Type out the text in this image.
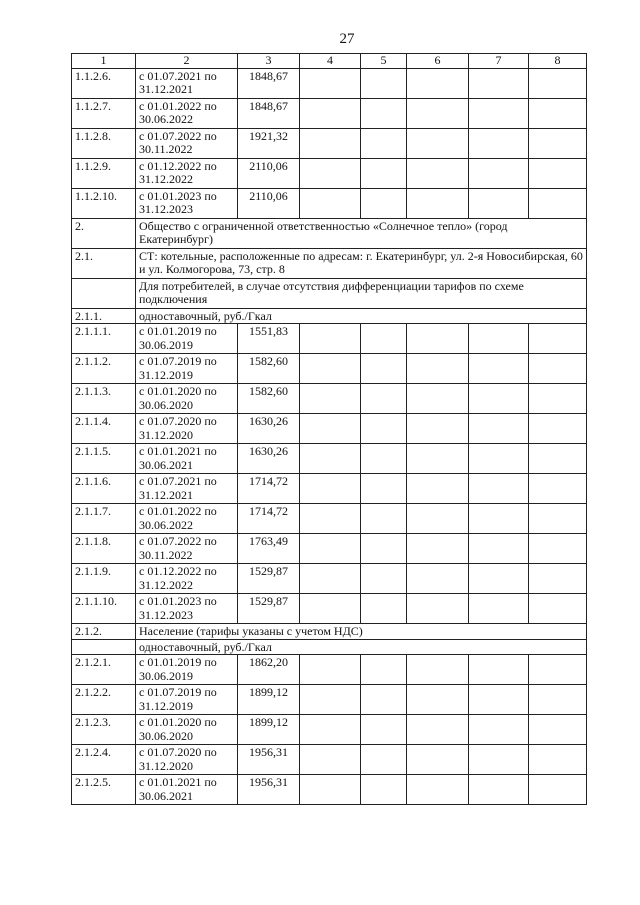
27
1	2	3	4	5	6	7	8
1.1.2.6.	с 01.07.2021 по 31.12.2021	1848,67					
1.1.2.7.	с 01.01.2022 по 30.06.2022	1848,67					
1.1.2.8.	с 01.07.2022 по 30.11.2022	1921,32					
1.1.2.9.	с 01.12.2022 по 31.12.2022	2110,06					
1.1.2.10.	с 01.01.2023 по 31.12.2023	2110,06					
2.	Общество с ограниченной ответственностью «Солнечное тепло» (город Екатеринбург)						
2.1.	СТ: котельные, расположенные по адресам: г. Екатеринбург, ул. 2-я Новосибирская, 60 и ул. Колмогорова, 73, стр. 8						
	Для потребителей, в случае отсутствия дифференциации тарифов по схеме подключения						
2.1.1.	одноставочный, руб./Гкал						
2.1.1.1.	с 01.01.2019 по 30.06.2019	1551,83					
2.1.1.2.	с 01.07.2019 по 31.12.2019	1582,60					
2.1.1.3.	с 01.01.2020 по 30.06.2020	1582,60					
2.1.1.4.	с 01.07.2020 по 31.12.2020	1630,26					
2.1.1.5.	с 01.01.2021 по 30.06.2021	1630,26					
2.1.1.6.	с 01.07.2021 по 31.12.2021	1714,72					
2.1.1.7.	с 01.01.2022 по 30.06.2022	1714,72					
2.1.1.8.	с 01.07.2022 по 30.11.2022	1763,49					
2.1.1.9.	с 01.12.2022 по 31.12.2022	1529,87					
2.1.1.10.	с 01.01.2023 по 31.12.2023	1529,87					
2.1.2.	Население (тарифы указаны с учетом НДС)						
	одноставочный, руб./Гкал						
2.1.2.1.	с 01.01.2019 по 30.06.2019	1862,20					
2.1.2.2.	с 01.07.2019 по 31.12.2019	1899,12					
2.1.2.3.	с 01.01.2020 по 30.06.2020	1899,12					
2.1.2.4.	с 01.07.2020 по 31.12.2020	1956,31					
2.1.2.5.	с 01.01.2021 по 30.06.2021	1956,31					
